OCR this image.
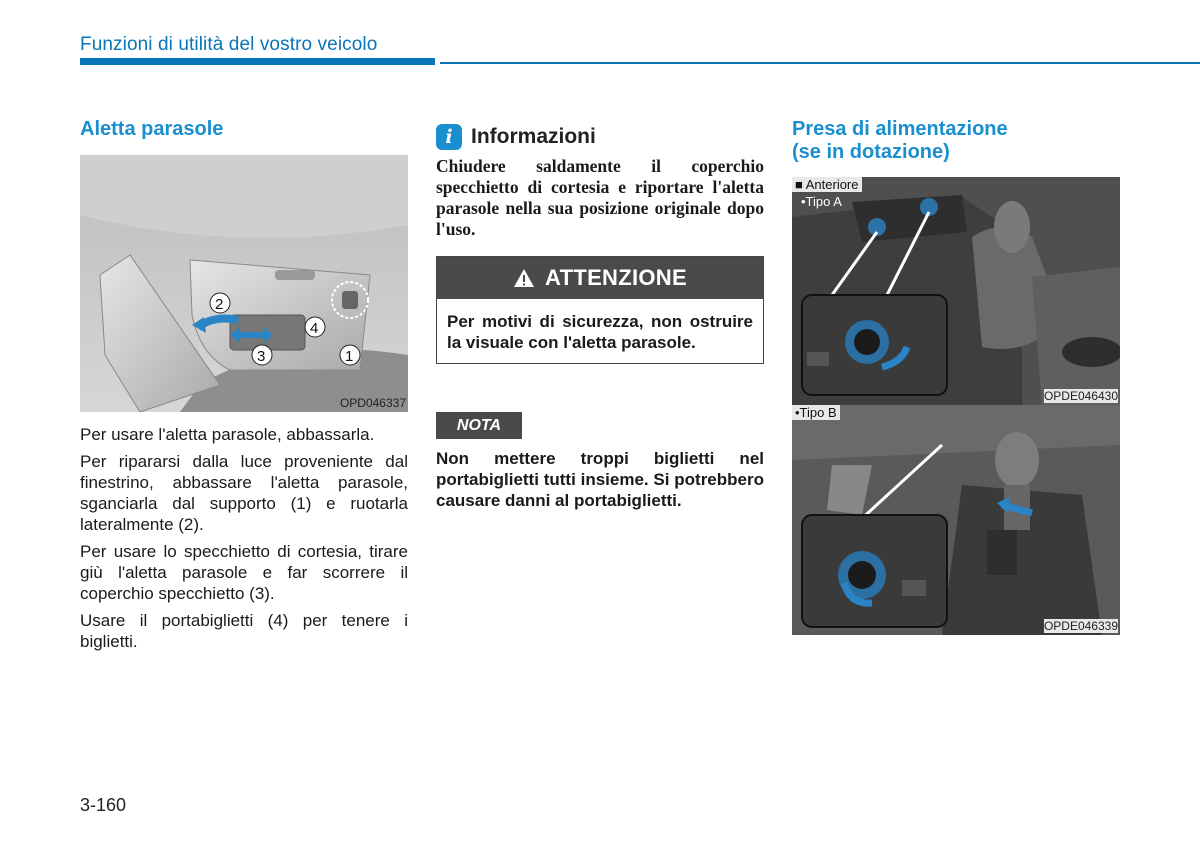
Funzioni di utilità del vostro veicolo
Aletta parasole
1
2
3
4
OPD046337

Per usare l'aletta parasole, abbassarla.

Per ripararsi dalla luce proveniente dal finestrino, abbassare l'aletta parasole, sganciarla dal supporto (1) e ruotarla lateralmente (2).

Per usare lo specchietto di cortesia, tirare giù l'aletta parasole e far scorrere il coperchio specchietto (3).

Usare il portabiglietti (4) per tenere i biglietti.

i Informazioni
Chiudere saldamente il coperchio specchietto di cortesia e riportare l'aletta parasole nella sua posizione originale dopo l'uso.
ATTENZIONE
Per motivi di sicurezza, non ostruire la visuale con l'aletta parasole.
NOTA
Non mettere troppi biglietti nel portabiglietti tutti insieme. Si potrebbero causare danni al portabiglietti.
Presa di alimentazione
(se in dotazione)
■ Anteriore
•Tipo A
OPDE046430
•Tipo B
OPDE046339
3-160
